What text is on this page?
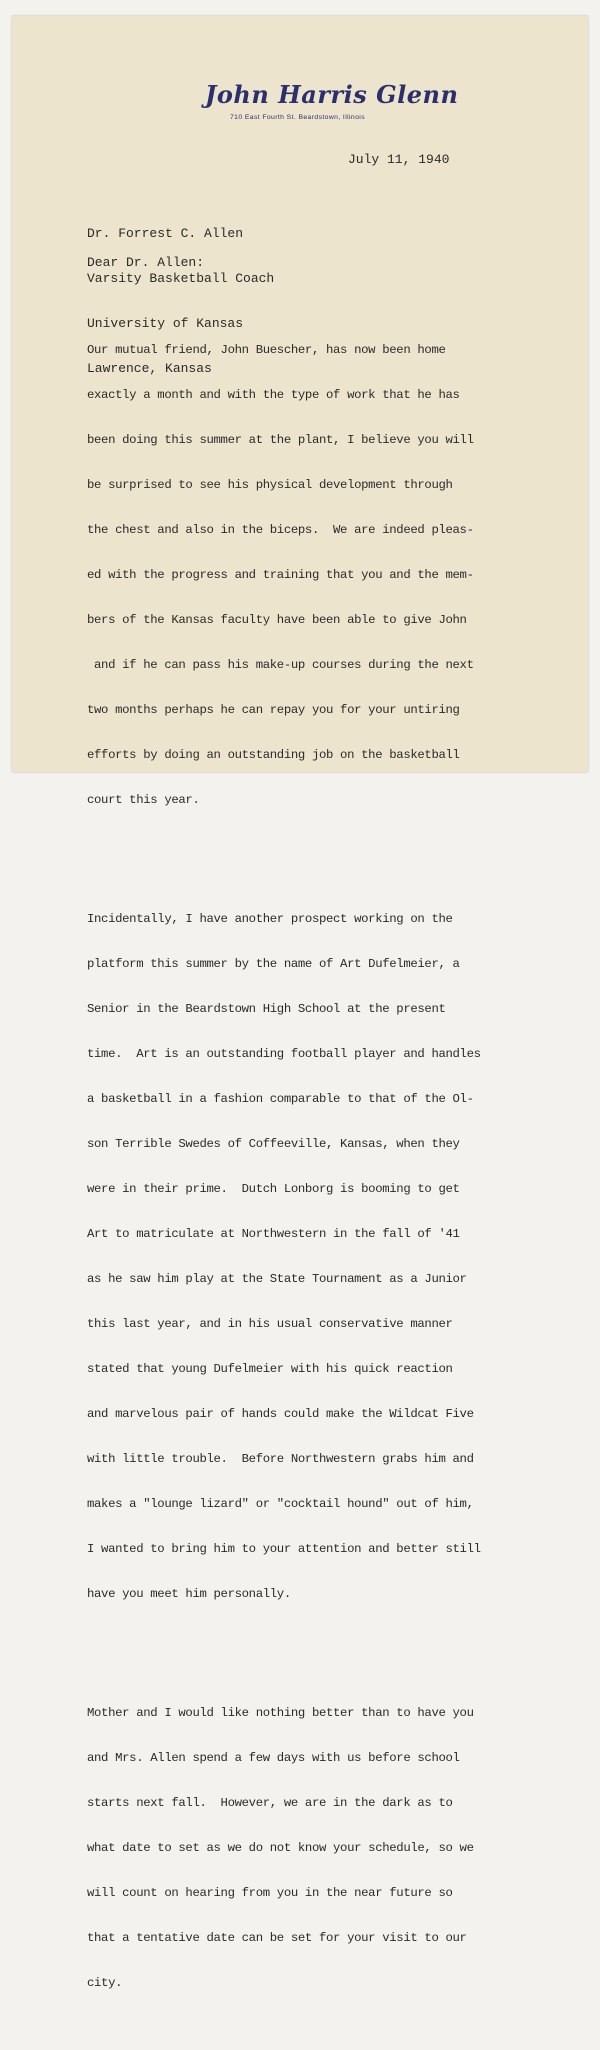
John Harris Glenn
710 East Fourth St. Beardstown, Illinois
July 11, 1940

Dr. Forrest C. Allen

Varsity Basketball Coach

University of Kansas

Lawrence, Kansas

Dear Dr. Allen:

Our mutual friend, John Buescher, has now been home

exactly a month and with the type of work that he has

been doing this summer at the plant, I believe you will

be surprised to see his physical development through

the chest and also in the biceps.  We are indeed pleas-

ed with the progress and training that you and the mem-

bers of the Kansas faculty have been able to give John

and if he can pass his make-up courses during the next

two months perhaps he can repay you for your untiring

efforts by doing an outstanding job on the basketball

court this year.

Incidentally, I have another prospect working on the

platform this summer by the name of Art Dufelmeier, a

Senior in the Beardstown High School at the present

time.  Art is an outstanding football player and handles

a basketball in a fashion comparable to that of the Ol-

son Terrible Swedes of Coffeeville, Kansas, when they

were in their prime.  Dutch Lonborg is booming to get

Art to matriculate at Northwestern in the fall of '41

as he saw him play at the State Tournament as a Junior

this last year, and in his usual conservative manner

stated that young Dufelmeier with his quick reaction

and marvelous pair of hands could make the Wildcat Five

with little trouble.  Before Northwestern grabs him and

makes a "lounge lizard" or "cocktail hound" out of him,

I wanted to bring him to your attention and better still

have you meet him personally.

Mother and I would like nothing better than to have you

and Mrs. Allen spend a few days with us before school

starts next fall.  However, we are in the dark as to

what date to set as we do not know your schedule, so we

will count on hearing from you in the near future so

that a tentative date can be set for your visit to our

city.
